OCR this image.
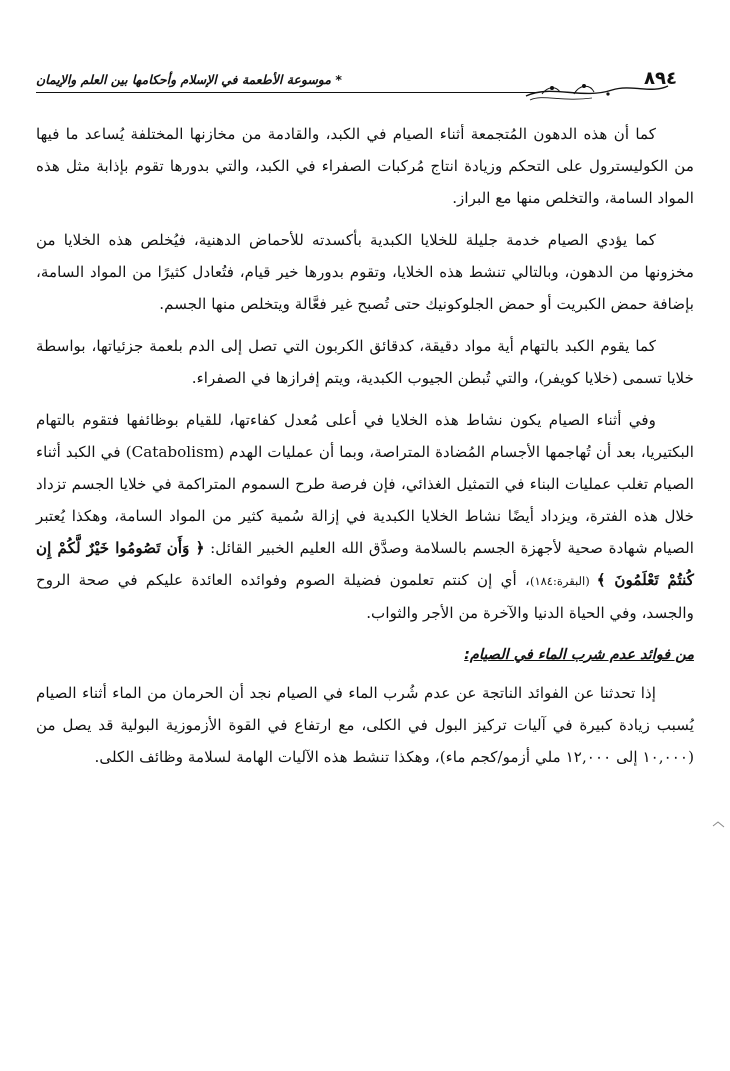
* موسوعة الأطعمة في الإسلام وأحكامها بين العلم والإيمان	٨٩٤

كما أن هذه الدهون المُتجمعة أثناء الصيام في الكبد، والقادمة من مخازنها المختلفة يُساعد ما فيها من الكوليسترول على التحكم وزيادة انتاج مُركبات الصفراء في الكبد، والتي بدورها تقوم بإذابة مثل هذه المواد السامة، والتخلص منها مع البراز.

كما يؤدي الصيام خدمة جليلة للخلايا الكبدية بأكسدته للأحماض الدهنية، فيُخلص هذه الخلايا من مخزونها من الدهون، وبالتالي تنشط هذه الخلايا، وتقوم بدورها خير قيام، فتُعادل كثيرًا من المواد السامة، بإضافة حمض الكبريت أو حمض الجلوكونيك حتى تُصبح غير فعَّالة ويتخلص منها الجسم.

كما يقوم الكبد بالتهام أية مواد دقيقة، كدقائق الكربون التي تصل إلى الدم بلعمة جزئياتها، بواسطة خلايا تسمى (خلايا كويفر)، والتي تُبطن الجيوب الكبدية، ويتم إفرازها في الصفراء.

وفي أثناء الصيام يكون نشاط هذه الخلايا في أعلى مُعدل كفاءتها، للقيام بوظائفها فتقوم بالتهام البكتيريا، بعد أن تُهاجمها الأجسام المُضادة المتراصة، وبما أن عمليات الهدم (Catabolism) في الكبد أثناء الصيام تغلب عمليات البناء في التمثيل الغذائي، فإن فرصة طرح السموم المتراكمة في خلايا الجسم تزداد خلال هذه الفترة، ويزداد أيضًا نشاط الخلايا الكبدية في إزالة سُمية كثير من المواد السامة، وهكذا يُعتبر الصيام شهادة صحية لأجهزة الجسم بالسلامة وصدَّق الله العليم الخبير القائل: ﴿ وَأَن تَصُومُوا خَيْرٌ لَّكُمْ إِن كُنتُمْ تَعْلَمُونَ ﴾ (البقرة:١٨٤)، أي إن كنتم تعلمون فضيلة الصوم وفوائده العائدة عليكم في صحة الروح والجسد، وفي الحياة الدنيا والآخرة من الأجر والثواب.

من فوائد عدم شرب الماء في الصيام:

إذا تحدثنا عن الفوائد الناتجة عن عدم شُرب الماء في الصيام نجد أن الحرمان من الماء أثناء الصيام يُسبب زيادة كبيرة في آليات تركيز البول في الكلى، مع ارتفاع في القوة الأزموزية البولية قد يصل من (١٠,٠٠٠ إلى ١٢,٠٠٠ ملي أزمو/كجم ماء)، وهكذا تنشط هذه الآليات الهامة لسلامة وظائف الكلى.
